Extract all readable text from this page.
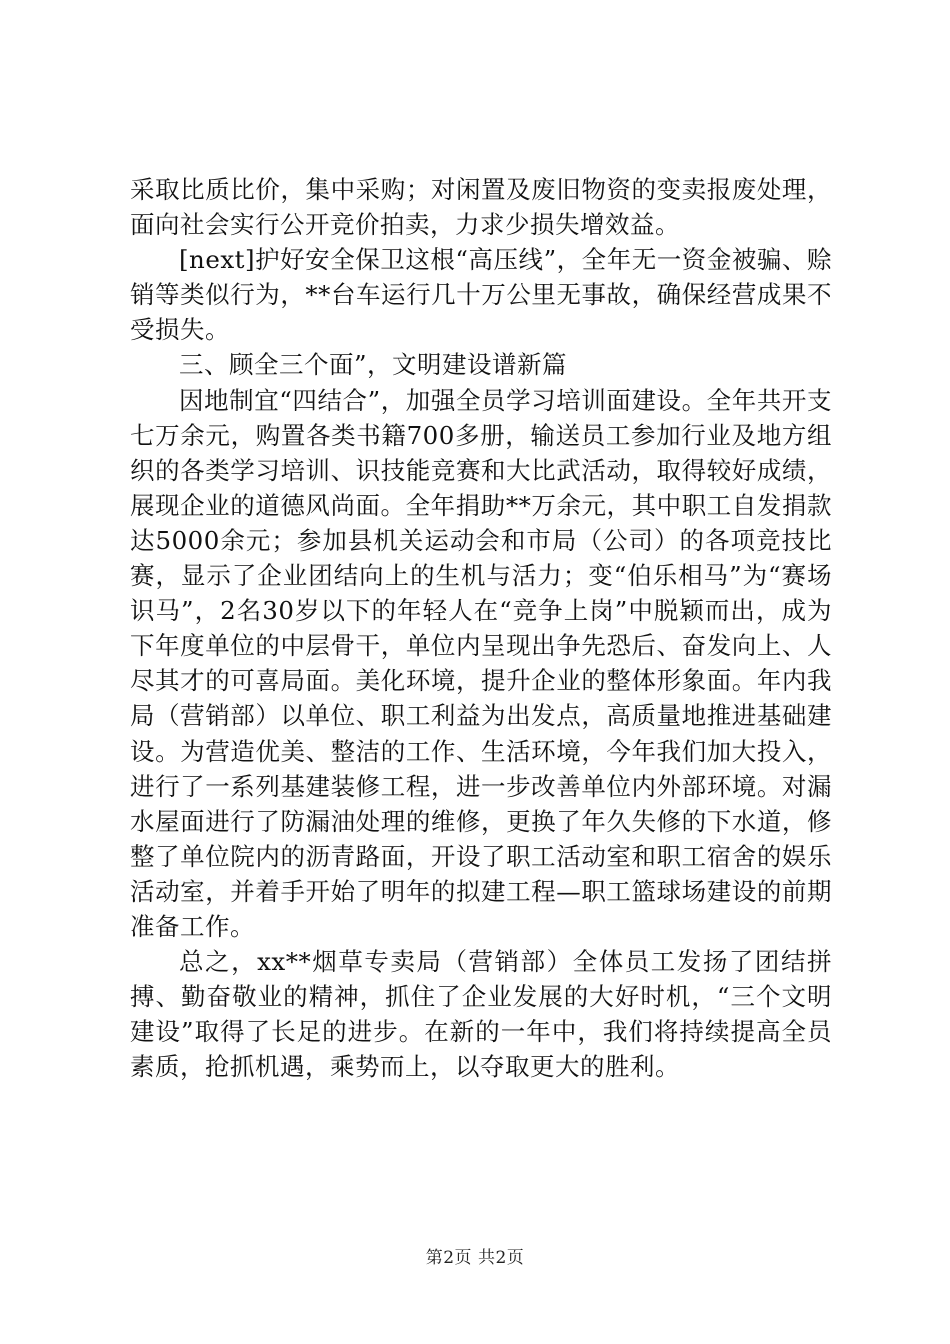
采取比质比价，集中采购；对闲置及废旧物资的变卖报废处理，面向社会实行公开竞价拍卖，力求少损失增效益。

[next]护好安全保卫这根“高压线”，全年无一资金被骗、赊销等类似行为，**台车运行几十万公里无事故，确保经营成果不受损失。

三、顾全三个面”，文明建设谱新篇

因地制宜“四结合”，加强全员学习培训面建设。全年共开支七万余元，购置各类书籍700多册，输送员工参加行业及地方组织的各类学习培训、识技能竞赛和大比武活动，取得较好成绩，展现企业的道德风尚面。全年捐助**万余元，其中职工自发捐款达5000余元；参加县机关运动会和市局（公司）的各项竞技比赛，显示了企业团结向上的生机与活力；变“伯乐相马”为“赛场识马”，2名30岁以下的年轻人在“竞争上岗”中脱颖而出，成为下年度单位的中层骨干，单位内呈现出争先恐后、奋发向上、人尽其才的可喜局面。美化环境，提升企业的整体形象面。年内我局（营销部）以单位、职工利益为出发点，高质量地推进基础建设。为营造优美、整洁的工作、生活环境，今年我们加大投入，进行了一系列基建装修工程，进一步改善单位内外部环境。对漏水屋面进行了防漏油处理的维修，更换了年久失修的下水道，修整了单位院内的沥青路面，开设了职工活动室和职工宿舍的娱乐活动室，并着手开始了明年的拟建工程—职工篮球场建设的前期准备工作。

总之，xx**烟草专卖局（营销部）全体员工发扬了团结拼搏、勤奋敬业的精神，抓住了企业发展的大好时机，“三个文明建设”取得了长足的进步。在新的一年中，我们将持续提高全员素质，抢抓机遇，乘势而上，以夺取更大的胜利。

第2页 共2页
